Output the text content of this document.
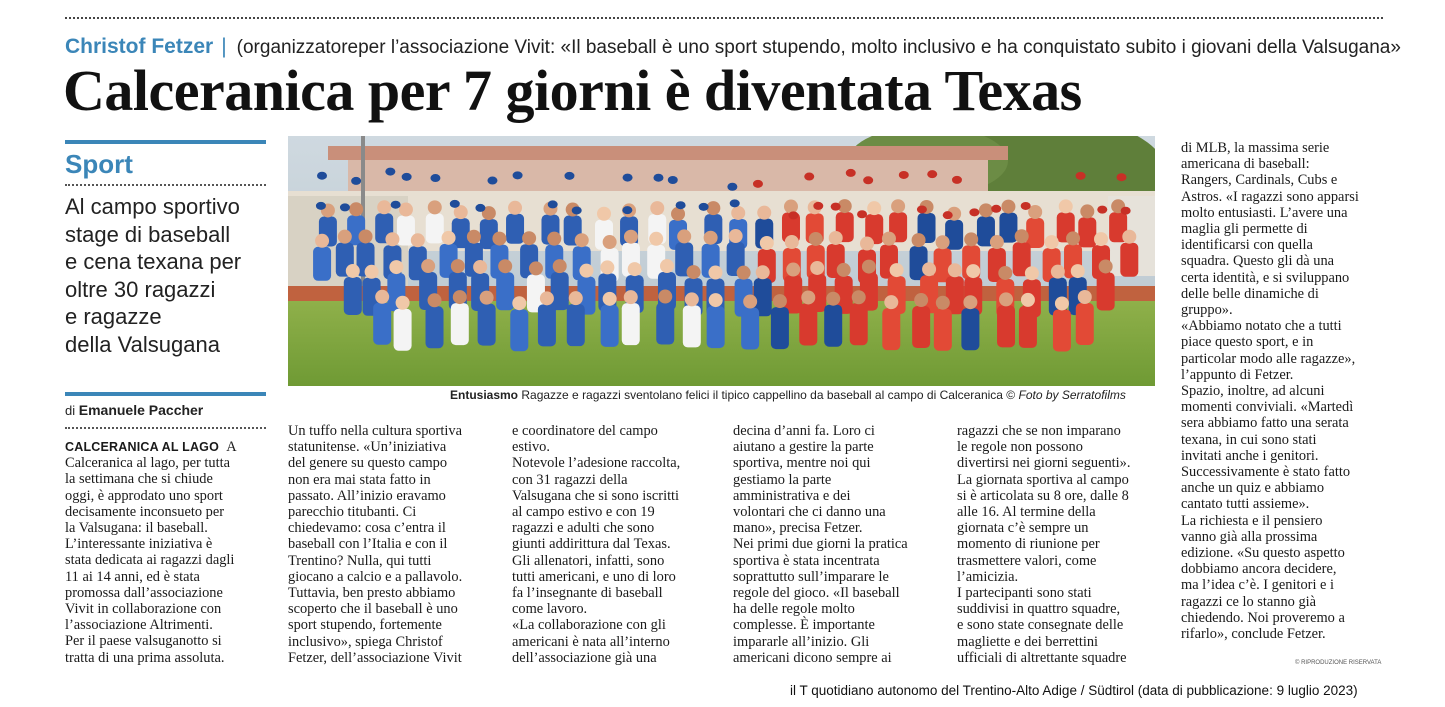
Christof Fetzer | (organizzatoreper l’associazione Vivit: «Il baseball è uno sport stupendo, molto inclusivo e ha conquistato subito i giovani della Valsugana»
Calceranica per 7 giorni è diventata Texas
Sport
Al campo sportivo
stage di baseball
e cena texana per
oltre 30 ragazzi
e ragazze
della Valsugana
di Emanuele Paccher
Entusiasmo Ragazze e ragazzi sventolano felici il tipico cappellino da baseball al campo di Calceranica © Foto by Serratofilms

CALCERANICA AL LAGO A

Calceranica al lago, per tutta

la settimana che si chiude

oggi, è approdato uno sport

decisamente inconsueto per

la Valsugana: il baseball.

L’interessante iniziativa è

stata dedicata ai ragazzi dagli

11 ai 14 anni, ed è stata

promossa dall’associazione

Vivit in collaborazione con

l’associazione Altrimenti.

Per il paese valsuganotto si

tratta di una prima assoluta.

Un tuffo nella cultura sportiva

statunitense. «Un’iniziativa

del genere su questo campo

non era mai stata fatto in

passato. All’inizio eravamo

parecchio titubanti. Ci

chiedevamo: cosa c’entra il

baseball con l’Italia e con il

Trentino? Nulla, qui tutti

giocano a calcio e a pallavolo.

Tuttavia, ben presto abbiamo

scoperto che il baseball è uno

sport stupendo, fortemente

inclusivo», spiega Christof

Fetzer, dell’associazione Vivit

e coordinatore del campo

estivo.

Notevole l’adesione raccolta,

con 31 ragazzi della

Valsugana che si sono iscritti

al campo estivo e con 19

ragazzi e adulti che sono

giunti addirittura dal Texas.

Gli allenatori, infatti, sono

tutti americani, e uno di loro

fa l’insegnante di baseball

come lavoro.

«La collaborazione con gli

americani è nata all’interno

dell’associazione già una

decina d’anni fa. Loro ci

aiutano a gestire la parte

sportiva, mentre noi qui

gestiamo la parte

amministrativa e dei

volontari che ci danno una

mano», precisa Fetzer.

Nei primi due giorni la pratica

sportiva è stata incentrata

soprattutto sull’imparare le

regole del gioco. «Il baseball

ha delle regole molto

complesse. È importante

impararle all’inizio. Gli

americani dicono sempre ai

ragazzi che se non imparano

le regole non possono

divertirsi nei giorni seguenti».

La giornata sportiva al campo

si è articolata su 8 ore, dalle 8

alle 16. Al termine della

giornata c’è sempre un

momento di riunione per

trasmettere valori, come

l’amicizia.

I partecipanti sono stati

suddivisi in quattro squadre,

e sono state consegnate delle

magliette e dei berrettini

ufficiali di altrettante squadre

di MLB, la massima serie

americana di baseball:

Rangers, Cardinals, Cubs e

Astros. «I ragazzi sono apparsi

molto entusiasti. L’avere una

maglia gli permette di

identificarsi con quella

squadra. Questo gli dà una

certa identità, e si sviluppano

delle belle dinamiche di

gruppo».

«Abbiamo notato che a tutti

piace questo sport, e in

particolar modo alle ragazze»,

l’appunto di Fetzer.

Spazio, inoltre, ad alcuni

momenti conviviali. «Martedì

sera abbiamo fatto una serata

texana, in cui sono stati

invitati anche i genitori.

Successivamente è stato fatto

anche un quiz e abbiamo

cantato tutti assieme».

La richiesta e il pensiero

vanno già alla prossima

edizione. «Su questo aspetto

dobbiamo ancora decidere,

ma l’idea c’è. I genitori e i

ragazzi ce lo stanno già

chiedendo. Noi proveremo a

rifarlo», conclude Fetzer.

© RIPRODUZIONE RISERVATA
il T quotidiano autonomo del Trentino-Alto Adige / Südtirol (data di pubblicazione: 9 luglio 2023)
